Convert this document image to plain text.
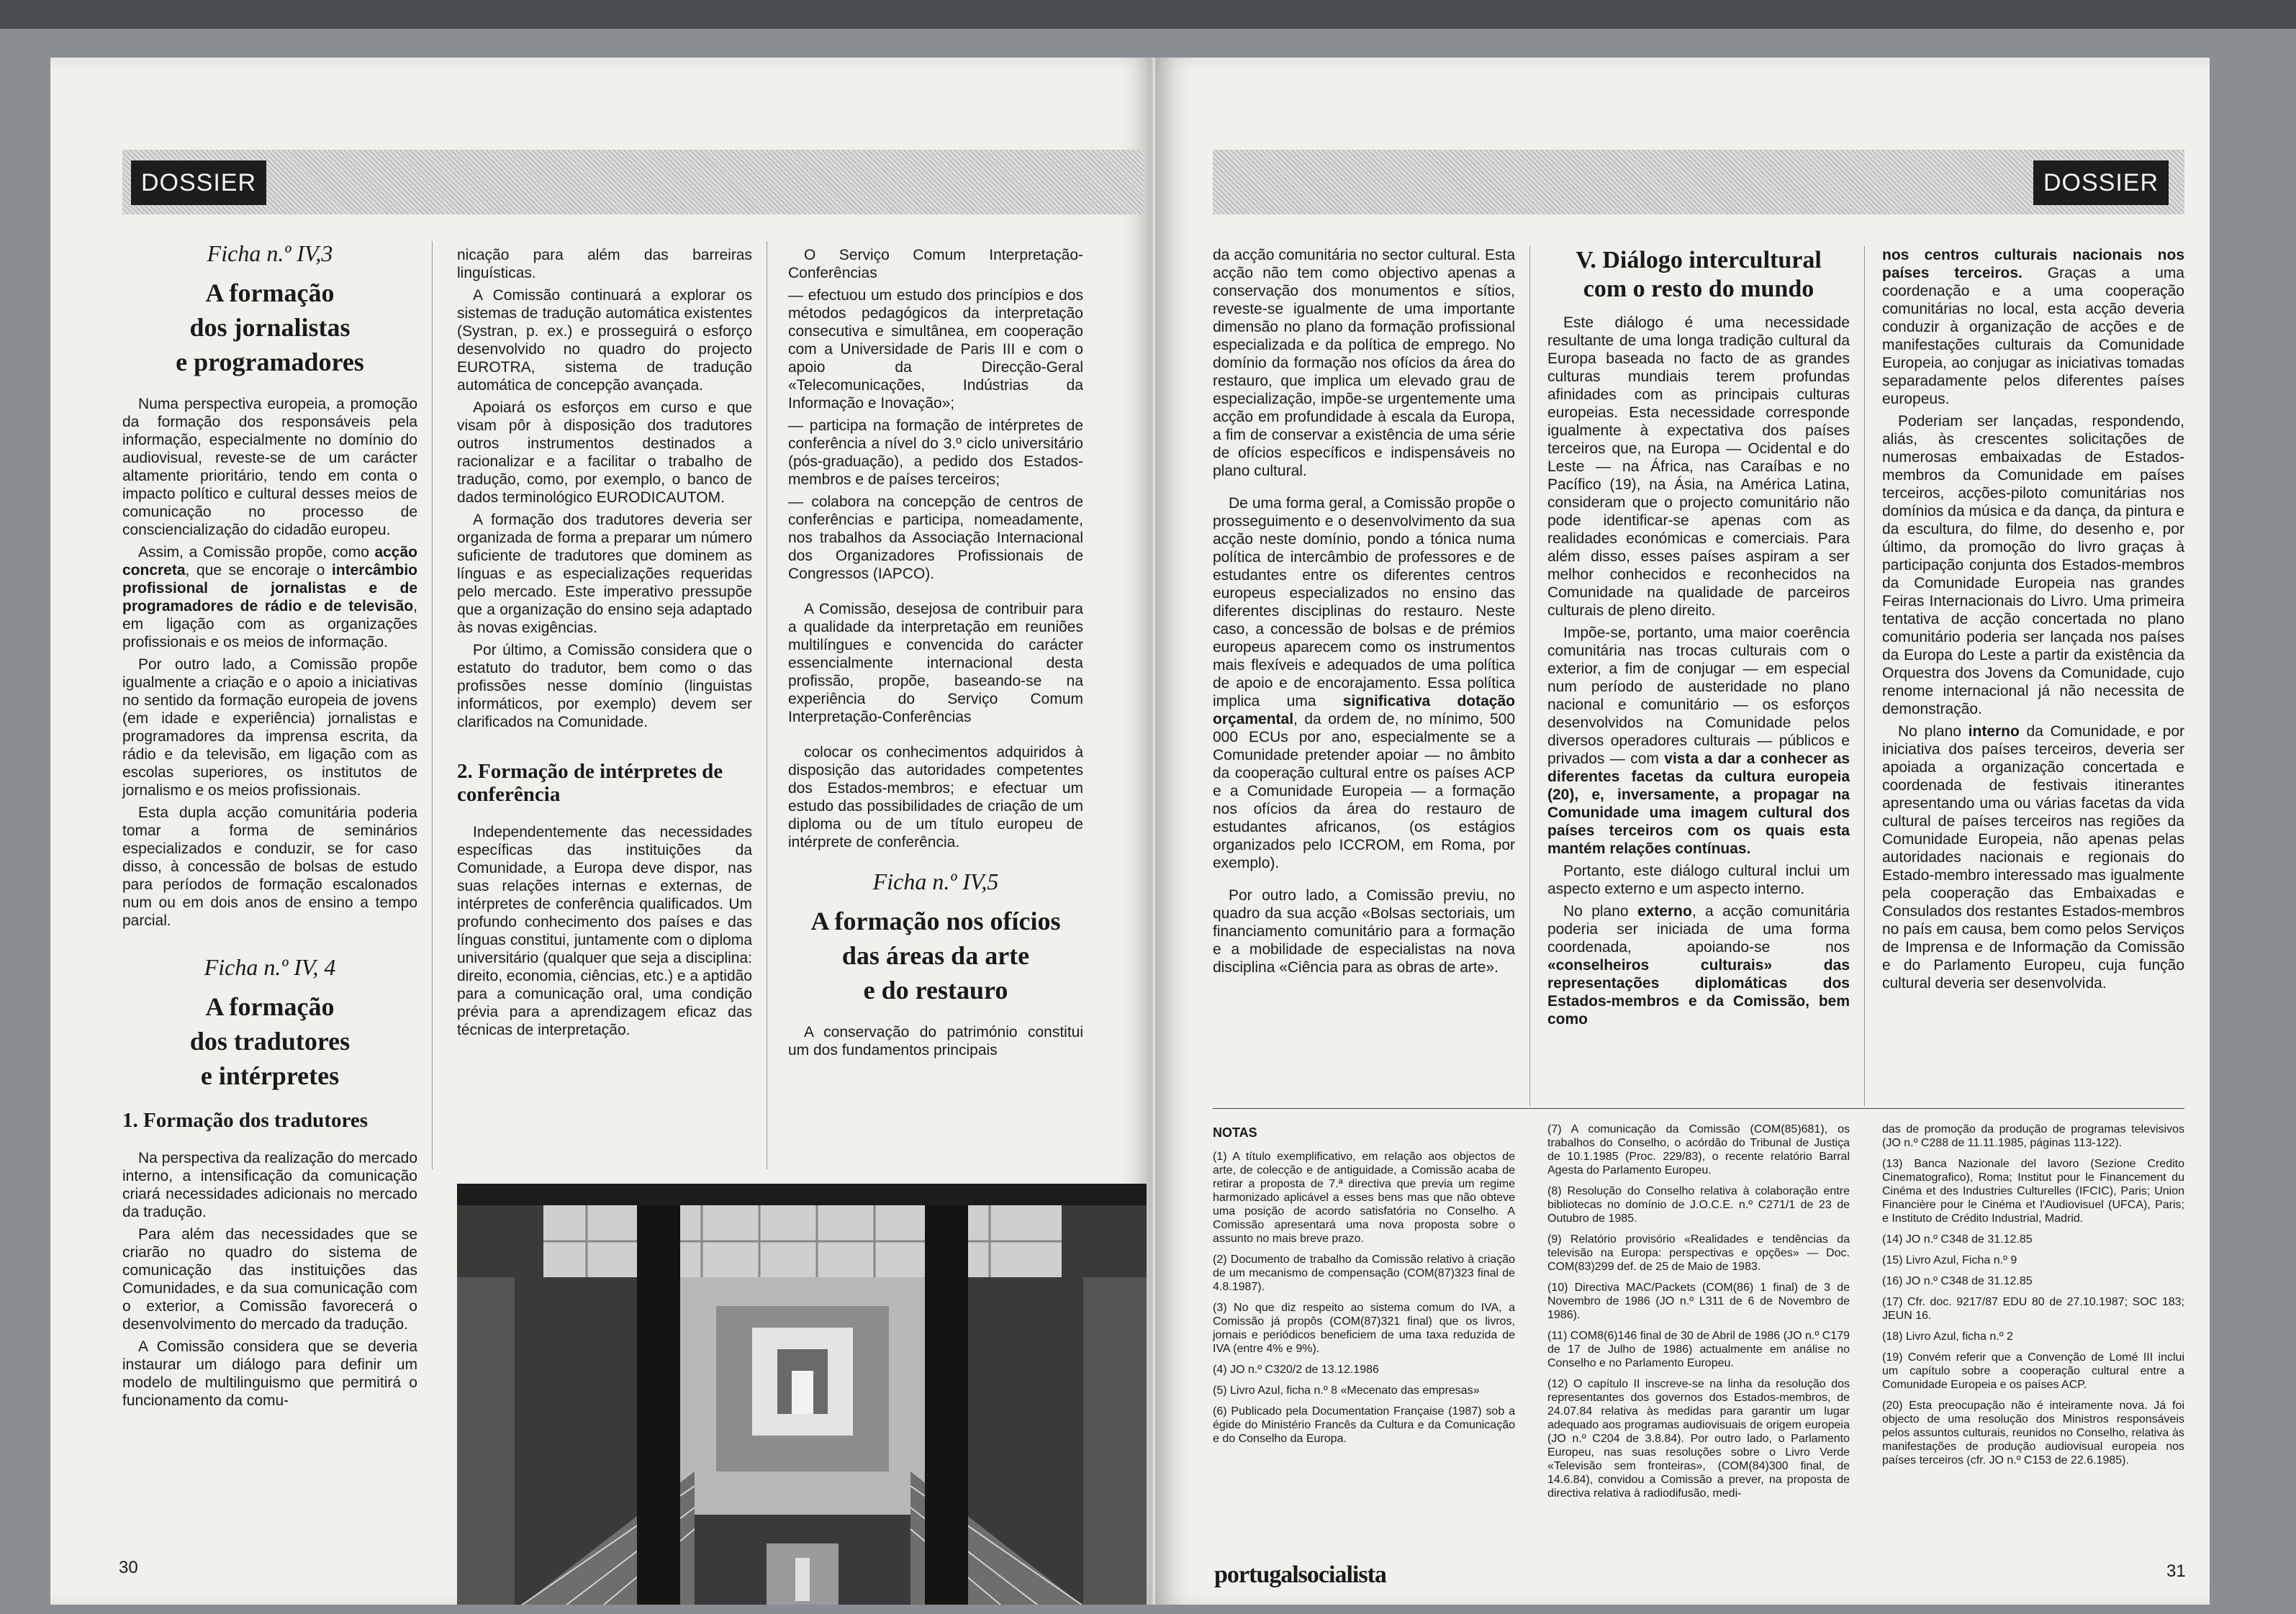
DOSSIER
Ficha n.º IV,3
A formação
dos jornalistas
e programadores

Numa perspectiva europeia, a promoção da formação dos responsáveis pela informação, especialmente no domínio do audiovisual, reveste-se de um carácter altamente prioritário, tendo em conta o impacto político e cultural desses meios de comunicação no processo de consciencialização do cidadão europeu.

Assim, a Comissão propõe, como acção concreta, que se encoraje o intercâmbio profissional de jornalistas e de programadores de rádio e de televisão, em ligação com as organizações profissionais e os meios de informação.

Por outro lado, a Comissão propõe igualmente a criação e o apoio a iniciativas no sentido da formação europeia de jovens (em idade e experiência) jornalistas e programadores da imprensa escrita, da rádio e da televisão, em ligação com as escolas superiores, os institutos de jornalismo e os meios profissionais.

Esta dupla acção comunitária poderia tomar a forma de seminários especializados e conduzir, se for caso disso, à concessão de bolsas de estudo para períodos de formação escalonados num ou em dois anos de ensino a tempo parcial.

Ficha n.º IV, 4
A formação
dos tradutores
e intérpretes
1. Formação dos tradutores

Na perspectiva da realização do mercado interno, a intensificação da comunicação criará necessidades adicionais no mercado da tradução.

Para além das necessidades que se criarão no quadro do sistema de comunicação das instituições das Comunidades, e da sua comunicação com o exterior, a Comissão favorecerá o desenvolvimento do mercado da tradução.

A Comissão considera que se deveria instaurar um diálogo para definir um modelo de multilinguismo que permitirá o funcionamento da comu-

nicação para além das barreiras linguísticas.

A Comissão continuará a explorar os sistemas de tradução automática existentes (Systran, p. ex.) e prosseguirá o esforço desenvolvido no quadro do projecto EUROTRA, sistema de tradução automática de concepção avançada.

Apoiará os esforços em curso e que visam pôr à disposição dos tradutores outros instrumentos destinados a racionalizar e a facilitar o trabalho de tradução, como, por exemplo, o banco de dados terminológico EURODICAUTOM.

A formação dos tradutores deveria ser organizada de forma a preparar um número suficiente de tradutores que dominem as línguas e as especializações requeridas pelo mercado. Este imperativo pressupõe que a organização do ensino seja adaptado às novas exigências.

Por último, a Comissão considera que o estatuto do tradutor, bem como o das profissões nesse domínio (linguistas informáticos, por exemplo) devem ser clarificados na Comunidade.

2. Formação de intérpretes de conferência

Independentemente das necessidades específicas das instituições da Comunidade, a Europa deve dispor, nas suas relações internas e externas, de intérpretes de conferência qualificados. Um profundo conhecimento dos países e das línguas constitui, juntamente com o diploma universitário (qualquer que seja a disciplina: direito, economia, ciências, etc.) e a aptidão para a comunicação oral, uma condição prévia para a aprendizagem eficaz das técnicas de interpretação.

O Serviço Comum Interpretação-Conferências

— efectuou um estudo dos princípios e dos métodos pedagógicos da interpretação consecutiva e simultânea, em cooperação com a Universidade de Paris III e com o apoio da Direcção-Geral «Telecomunicações, Indústrias da Informação e Inovação»;

— participa na formação de intérpretes de conferência a nível do 3.º ciclo universitário (pós-graduação), a pedido dos Estados-membros e de países terceiros;

— colabora na concepção de centros de conferências e participa, nomeadamente, nos trabalhos da Associação Internacional dos Organizadores Profissionais de Congressos (IAPCO).

A Comissão, desejosa de contribuir para a qualidade da interpretação em reuniões multilíngues e convencida do carácter essencialmente internacional desta profissão, propõe, baseando-se na experiência do Serviço Comum Interpretação-Conferências

colocar os conhecimentos adquiridos à disposição das autoridades competentes dos Estados-membros; e efectuar um estudo das possibilidades de criação de um diploma ou de um título europeu de intérprete de conferência.

Ficha n.º IV,5
A formação nos ofícios
das áreas da arte
e do restauro

A conservação do património constitui um dos fundamentos principais

30
DOSSIER

da acção comunitária no sector cultural. Esta acção não tem como objectivo apenas a conservação dos monumentos e sítios, reveste-se igualmente de uma importante dimensão no plano da formação profissional especializada e da política de emprego. No domínio da formação nos ofícios da área do restauro, que implica um elevado grau de especialização, impõe-se urgentemente uma acção em profundidade à escala da Europa, a fim de conservar a existência de uma série de ofícios específicos e indispensáveis no plano cultural.

De uma forma geral, a Comissão propõe o prosseguimento e o desenvolvimento da sua acção neste domínio, pondo a tónica numa política de intercâmbio de professores e de estudantes entre os diferentes centros europeus especializados no ensino das diferentes disciplinas do restauro. Neste caso, a concessão de bolsas e de prémios europeus aparecem como os instrumentos mais flexíveis e adequados de uma política de apoio e de encorajamento. Essa política implica uma significativa dotação orçamental, da ordem de, no mínimo, 500 000 ECUs por ano, especialmente se a Comunidade pretender apoiar — no âmbito da cooperação cultural entre os países ACP e a Comunidade Europeia — a formação nos ofícios da área do restauro de estudantes africanos, (os estágios organizados pelo ICCROM, em Roma, por exemplo).

Por outro lado, a Comissão previu, no quadro da sua acção «Bolsas sectoriais, um financiamento comunitário para a formação e a mobilidade de especialistas na nova disciplina «Ciência para as obras de arte».

V. Diálogo intercultural
com o resto do mundo

Este diálogo é uma necessidade resultante de uma longa tradição cultural da Europa baseada no facto de as grandes culturas mundiais terem profundas afinidades com as principais culturas europeias. Esta necessidade corresponde igualmente à expectativa dos países terceiros que, na Europa — Ocidental e do Leste — na África, nas Caraíbas e no Pacífico (19), na Ásia, na América Latina, consideram que o projecto comunitário não pode identificar-se apenas com as realidades económicas e comerciais. Para além disso, esses países aspiram a ser melhor conhecidos e reconhecidos na Comunidade na qualidade de parceiros culturais de pleno direito.

Impõe-se, portanto, uma maior coerência comunitária nas trocas culturais com o exterior, a fim de conjugar — em especial num período de austeridade no plano nacional e comunitário — os esforços desenvolvidos na Comunidade pelos diversos operadores culturais — públicos e privados — com vista a dar a conhecer as diferentes facetas da cultura europeia (20), e, inversamente, a propagar na Comunidade uma imagem cultural dos países terceiros com os quais esta mantém relações contínuas.

Portanto, este diálogo cultural inclui um aspecto externo e um aspecto interno.

No plano externo, a acção comunitária poderia ser iniciada de uma forma coordenada, apoiando-se nos «conselheiros culturais» das representações diplomáticas dos Estados-membros e da Comissão, bem como

nos centros culturais nacionais nos países terceiros. Graças a uma coordenação e a uma cooperação comunitárias no local, esta acção deveria conduzir à organização de acções e de manifestações culturais da Comunidade Europeia, ao conjugar as iniciativas tomadas separadamente pelos diferentes países europeus.

Poderiam ser lançadas, respondendo, aliás, às crescentes solicitações de numerosas embaixadas de Estados-membros da Comunidade em países terceiros, acções-piloto comunitárias nos domínios da música e da dança, da pintura e da escultura, do filme, do desenho e, por último, da promoção do livro graças à participação conjunta dos Estados-membros da Comunidade Europeia nas grandes Feiras Internacionais do Livro. Uma primeira tentativa de acção concertada no plano comunitário poderia ser lançada nos países da Europa do Leste a partir da existência da Orquestra dos Jovens da Comunidade, cujo renome internacional já não necessita de demonstração.

No plano interno da Comunidade, e por iniciativa dos países terceiros, deveria ser apoiada a organização concertada e coordenada de festivais itinerantes apresentando uma ou várias facetas da vida cultural de países terceiros nas regiões da Comunidade Europeia, não apenas pelas autoridades nacionais e regionais do Estado-membro interessado mas igualmente pela cooperação das Embaixadas e Consulados dos restantes Estados-membros no país em causa, bem como pelos Serviços de Imprensa e de Informação da Comissão e do Parlamento Europeu, cuja função cultural deveria ser desenvolvida.

NOTAS

(1) A título exemplificativo, em relação aos objectos de arte, de colecção e de antiguidade, a Comissão acaba de retirar a proposta de 7.ª directiva que previa um regime harmonizado aplicável a esses bens mas que não obteve uma posição de acordo satisfatória no Conselho. A Comissão apresentará uma nova proposta sobre o assunto no mais breve prazo.

(2) Documento de trabalho da Comissão relativo à criação de um mecanismo de compensação (COM(87)323 final de 4.8.1987).

(3) No que diz respeito ao sistema comum do IVA, a Comissão já propôs (COM(87)321 final) que os livros, jornais e periódicos beneficiem de uma taxa reduzida de IVA (entre 4% e 9%).

(4) JO n.º C320/2 de 13.12.1986

(5) Livro Azul, ficha n.º 8 «Mecenato das empresas»

(6) Publicado pela Documentation Française (1987) sob a égide do Ministério Francês da Cultura e da Comunicação e do Conselho da Europa.

(7) A comunicação da Comissão (COM(85)681), os trabalhos do Conselho, o acórdão do Tribunal de Justiça de 10.1.1985 (Proc. 229/83), o recente relatório Barral Agesta do Parlamento Europeu.

(8) Resolução do Conselho relativa à colaboração entre bibliotecas no domínio de J.O.C.E. n.º C271/1 de 23 de Outubro de 1985.

(9) Relatório provisório «Realidades e tendências da televisão na Europa: perspectivas e opções» — Doc. COM(83)299 def. de 25 de Maio de 1983.

(10) Directiva MAC/Packets (COM(86) 1 final) de 3 de Novembro de 1986 (JO n.º L311 de 6 de Novembro de 1986).

(11) COM8(6)146 final de 30 de Abril de 1986 (JO n.º C179 de 17 de Julho de 1986) actualmente em análise no Conselho e no Parlamento Europeu.

(12) O capítulo II inscreve-se na linha da resolução dos representantes dos governos dos Estados-membros, de 24.07.84 relativa às medidas para garantir um lugar adequado aos programas audiovisuais de origem europeia (JO n.º C204 de 3.8.84). Por outro lado, o Parlamento Europeu, nas suas resoluções sobre o Livro Verde «Televisão sem fronteiras», (COM(84)300 final, de 14.6.84), convidou a Comissão a prever, na proposta de directiva relativa à radiodifusão, medi-

das de promoção da produção de programas televisivos (JO n.º C288 de 11.11.1985, páginas 113-122).

(13) Banca Nazionale del lavoro (Sezione Credito Cinematografico), Roma; Institut pour le Financement du Cinéma et des Industries Culturelles (IFCIC), Paris; Union Financière pour le Cinéma et l'Audiovisuel (UFCA), Paris; e Instituto de Crédito Industrial, Madrid.

(14) JO n.º C348 de 31.12.85

(15) Livro Azul, Ficha n.º 9

(16) JO n.º C348 de 31.12.85

(17) Cfr. doc. 9217/87 EDU 80 de 27.10.1987; SOC 183; JEUN 16.

(18) Livro Azul, ficha n.º 2

(19) Convém referir que a Convenção de Lomé III inclui um capítulo sobre a cooperação cultural entre a Comunidade Europeia e os países ACP.

(20) Esta preocupação não é inteiramente nova. Já foi objecto de uma resolução dos Ministros responsáveis pelos assuntos culturais, reunidos no Conselho, relativa às manifestações de produção audiovisual europeia nos países terceiros (cfr. JO n.º C153 de 22.6.1985).

portugalsocialista	31
